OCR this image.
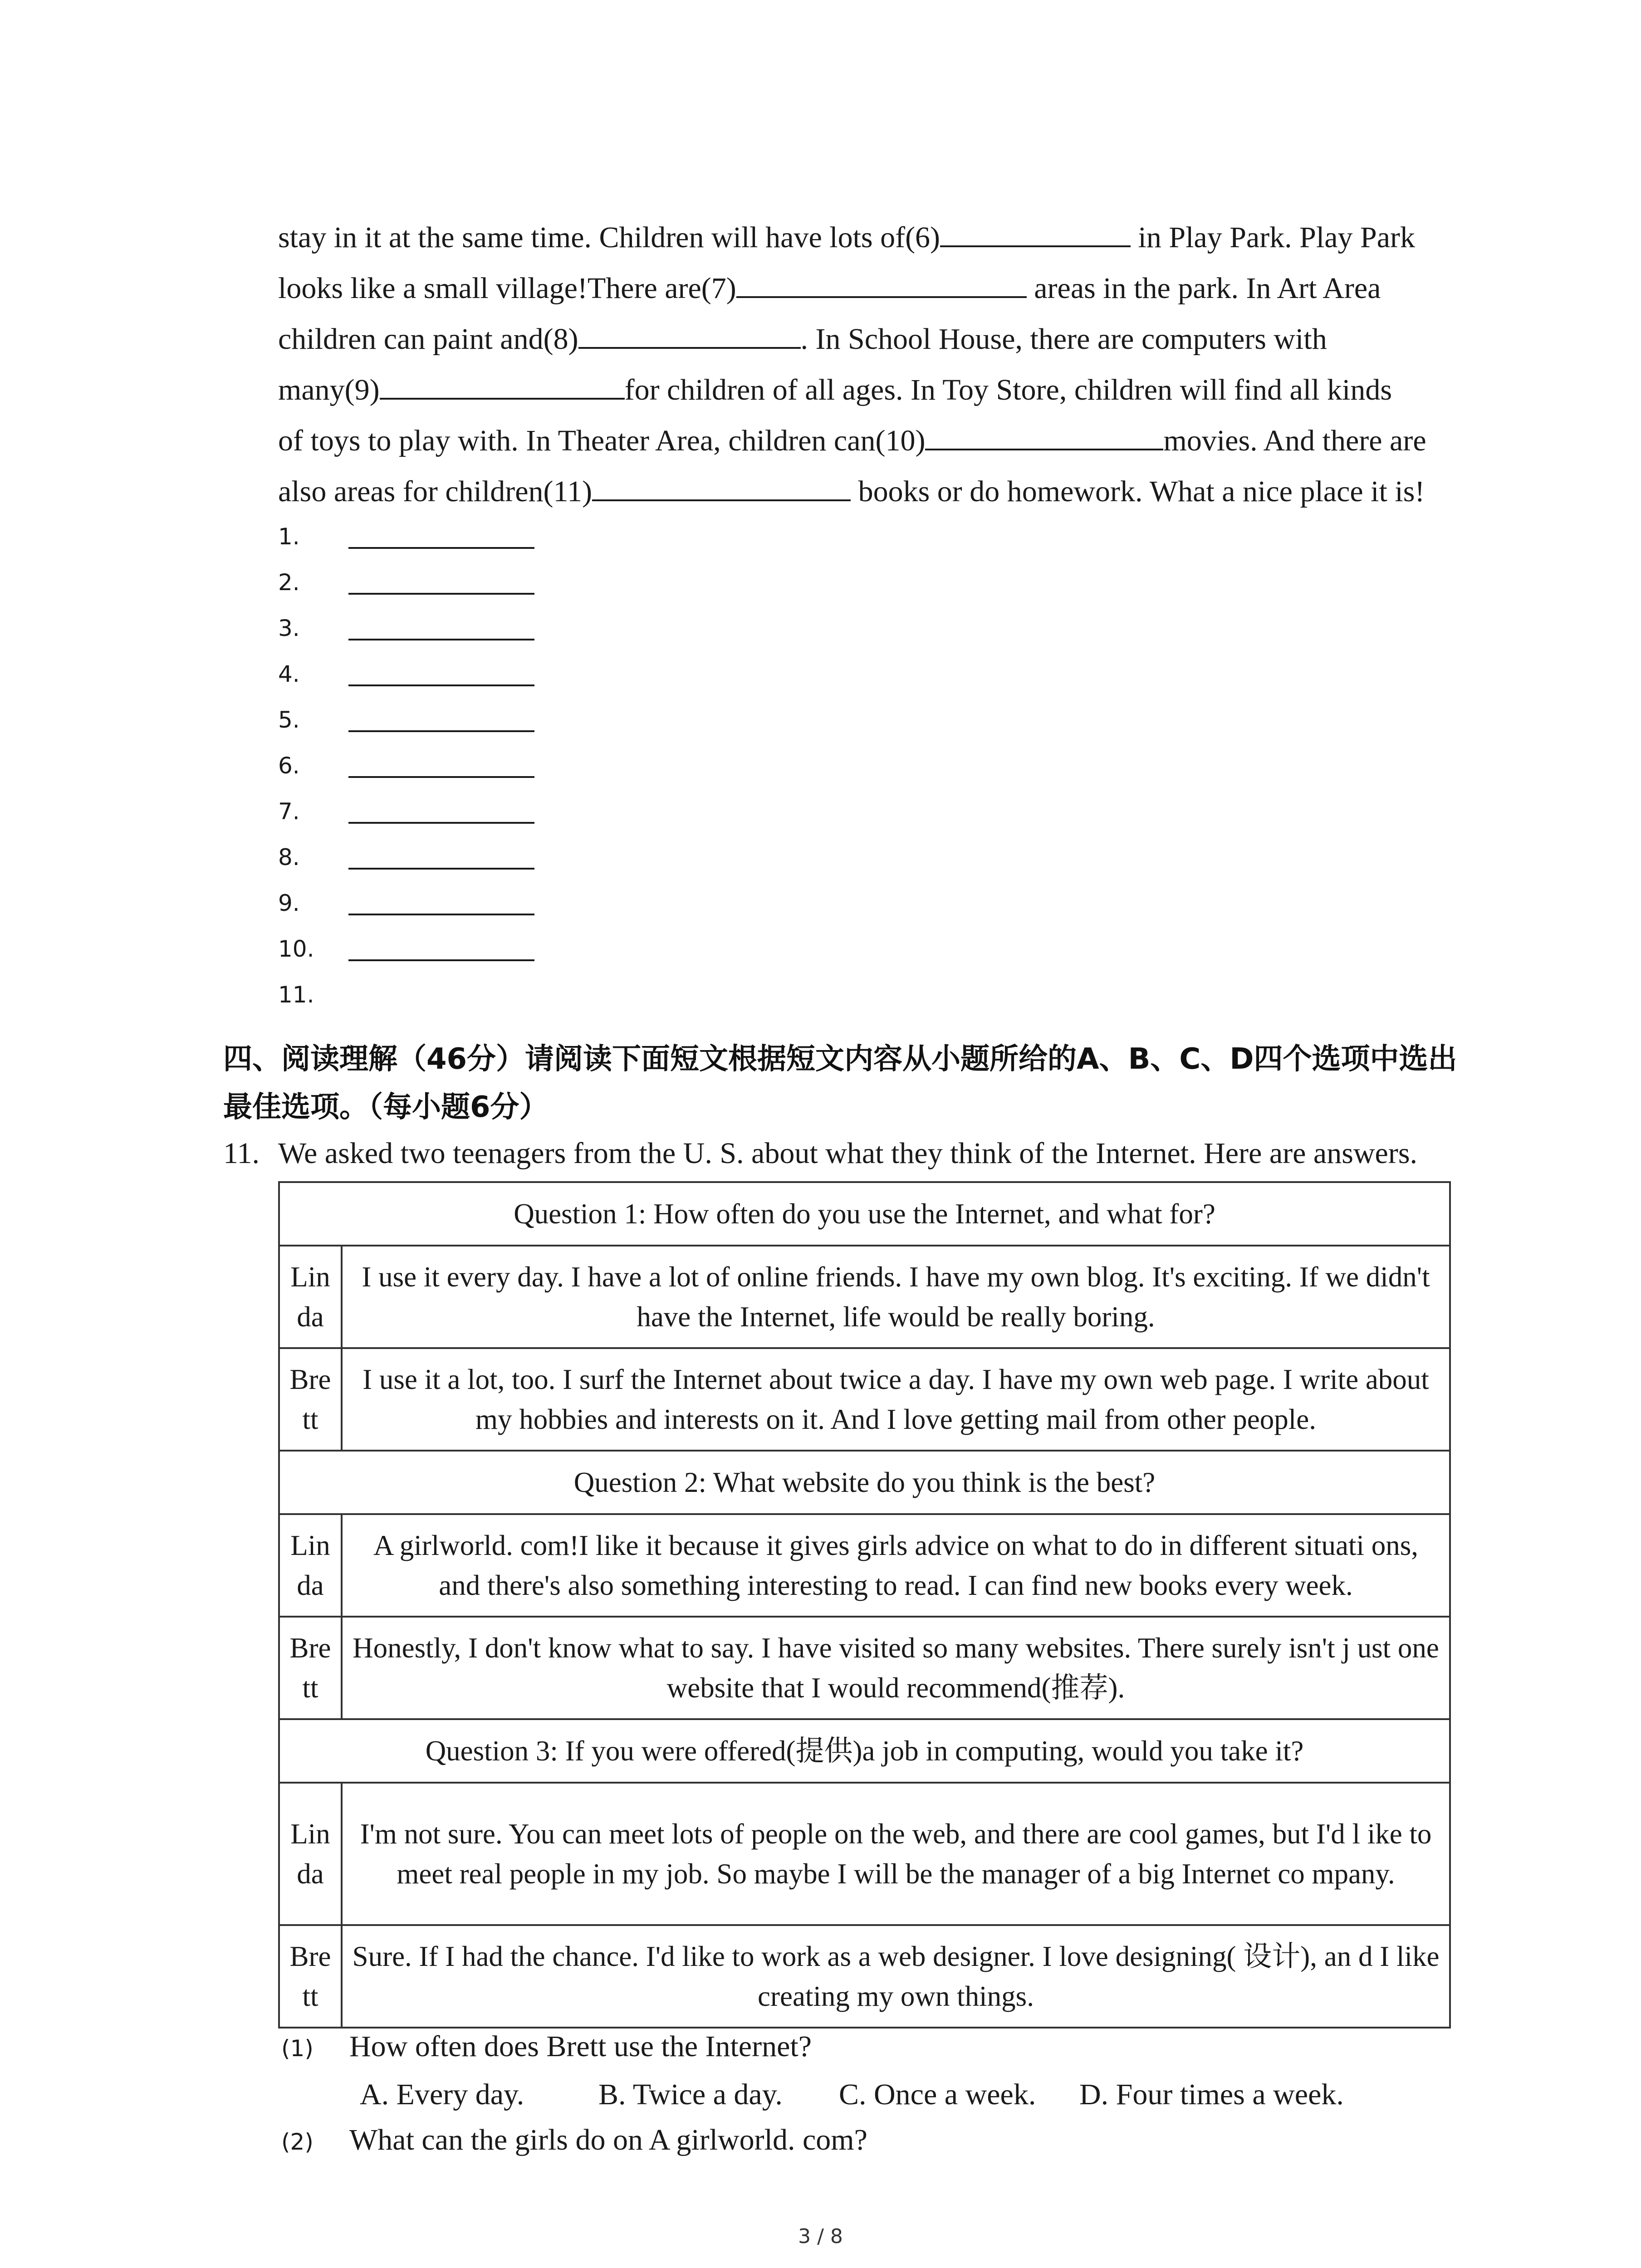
stay in it at the same time. Children will have lots of(6)	in Play Park. Play Park
looks like a small village!There are(7)	areas in the park. In Art Area
children can paint and(8)	. In School House, there are computers with
many(9)	for children of all ages. In Toy Store, children will find all kinds
of toys to play with. In Theater Area, children can(10)	movies. And there are
also areas for children(11)	books or do homework. What a nice place it is!
1.
2.
3.
4.
5.
6.
7.
8.
9.
10.
11.
四、阅读理解（46分）请阅读下面短文根据短文内容从小题所给的A、B、C、D四个选项中选出最佳选项。（每小题6分）
11. We asked two teenagers from the U. S. about what they think of the Internet. Here are answers.
Question 1: How often do you use the Internet, and what for?	
Lin da	I use it every day. I have a lot of online friends. I have my own blog. It's exciting. If we didn't have the Internet, life would be really boring.
Bre tt	I use it a lot, too. I surf the Internet about twice a day. I have my own web page. I write about my hobbies and interests on it. And I love getting mail from other people.
Question 2: What website do you think is the best?	
Lin da	A girlworld. com!I like it because it gives girls advice on what to do in different situati ons, and there's also something interesting to read. I can find new books every week.
Bre tt	Honestly, I don't know what to say. I have visited so many websites. There surely isn't j ust one website that I would recommend(推荐).
Question 3: If you were offered(提供)a job in computing, would you take it?	
Lin da	I'm not sure. You can meet lots of people on the web, and there are cool games, but I'd l ike to meet real people in my job. So maybe I will be the manager of a big Internet co mpany.
Bre tt	Sure. If I had the chance. I'd like to work as a web designer. I love designing( 设计), an d I like creating my own things.
(1) How often does Brett use the Internet?
A. Every day. B. Twice a day. C. Once a week. D. Four times a week.
(2) What can the girls do on A girlworld. com?
3 / 8
